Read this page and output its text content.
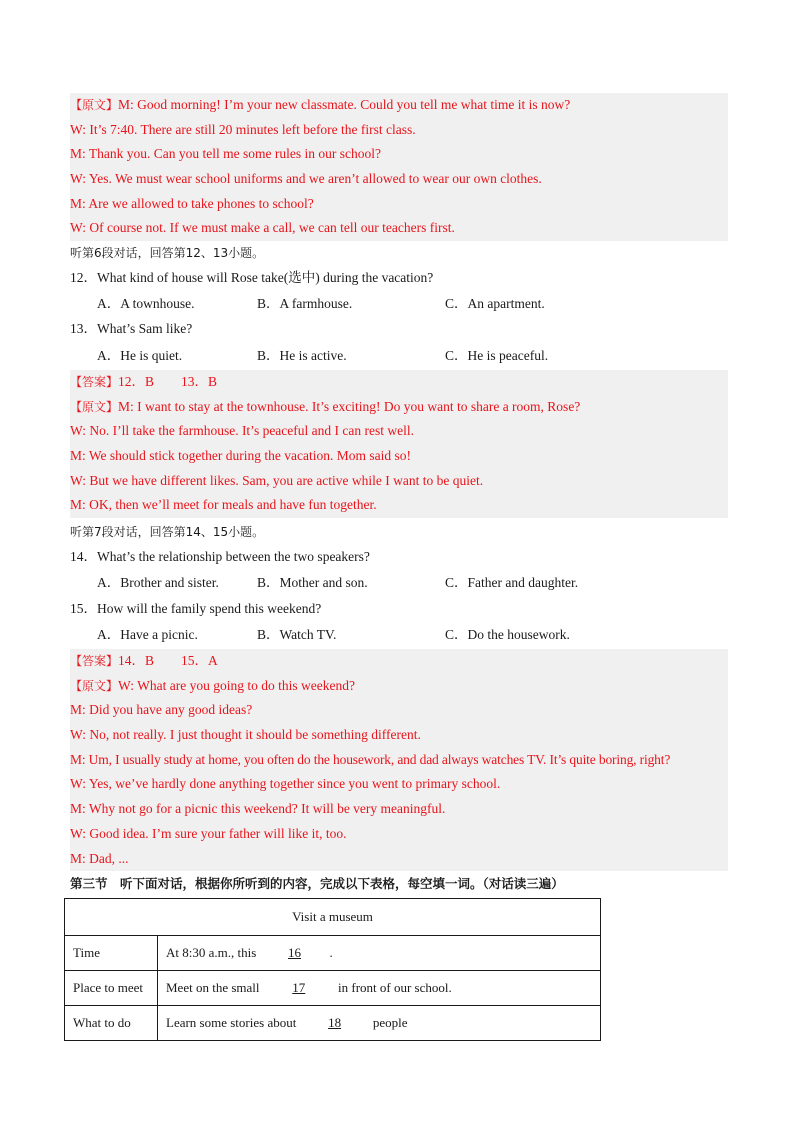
【原文】M: Good morning! I’m your new classmate. Could you tell me what time it is now?
W: It’s 7:40. There are still 20 minutes left before the first class.
M: Thank you. Can you tell me some rules in our school?
W: Yes. We must wear school uniforms and we aren’t allowed to wear our own clothes.
M: Are we allowed to take phones to school?
W: Of course not. If we must make a call, we can tell our teachers first.
听第6段对话，回答第12、13小题。
12．What kind of house will Rose take(选中) during the vacation?
A．A townhouse.	B．A farmhouse.	C．An apartment.
13．What’s Sam like?
A．He is quiet.	B．He is active.	C．He is peaceful.
【答案】12．B　　13．B
【原文】M: I want to stay at the townhouse. It’s exciting! Do you want to share a room, Rose?
W: No. I’ll take the farmhouse. It’s peaceful and I can rest well.
M: We should stick together during the vacation. Mom said so!
W: But we have different likes. Sam, you are active while I want to be quiet.
M: OK, then we’ll meet for meals and have fun together.
听第7段对话，回答第14、15小题。
14．What’s the relationship between the two speakers?
A．Brother and sister.	B．Mother and son.	C．Father and daughter.
15．How will the family spend this weekend?
A．Have a picnic.	B．Watch TV.	C．Do the housework.
【答案】14．B　　15．A
【原文】W: What are you going to do this weekend?
M: Did you have any good ideas?
W: No, not really. I just thought it should be something different.
M: Um, I usually study at home, you often do the housework, and dad always watches TV. It’s quite boring, right?
W: Yes, we’ve hardly done anything together since you went to primary school.
M: Why not go for a picnic this weekend? It will be very meaningful.
W: Good idea. I’m sure your father will like it, too.
M: Dad, ...
第三节　 听下面对话，根据你所听到的内容，完成以下表格，每空填一词。（对话读三遍）
Visit a museum	
Time	At 8:30 a.m., this 16 .
Place to meet	Meet on the small 17 in front of our school.
What to do	Learn some stories about 18 people
